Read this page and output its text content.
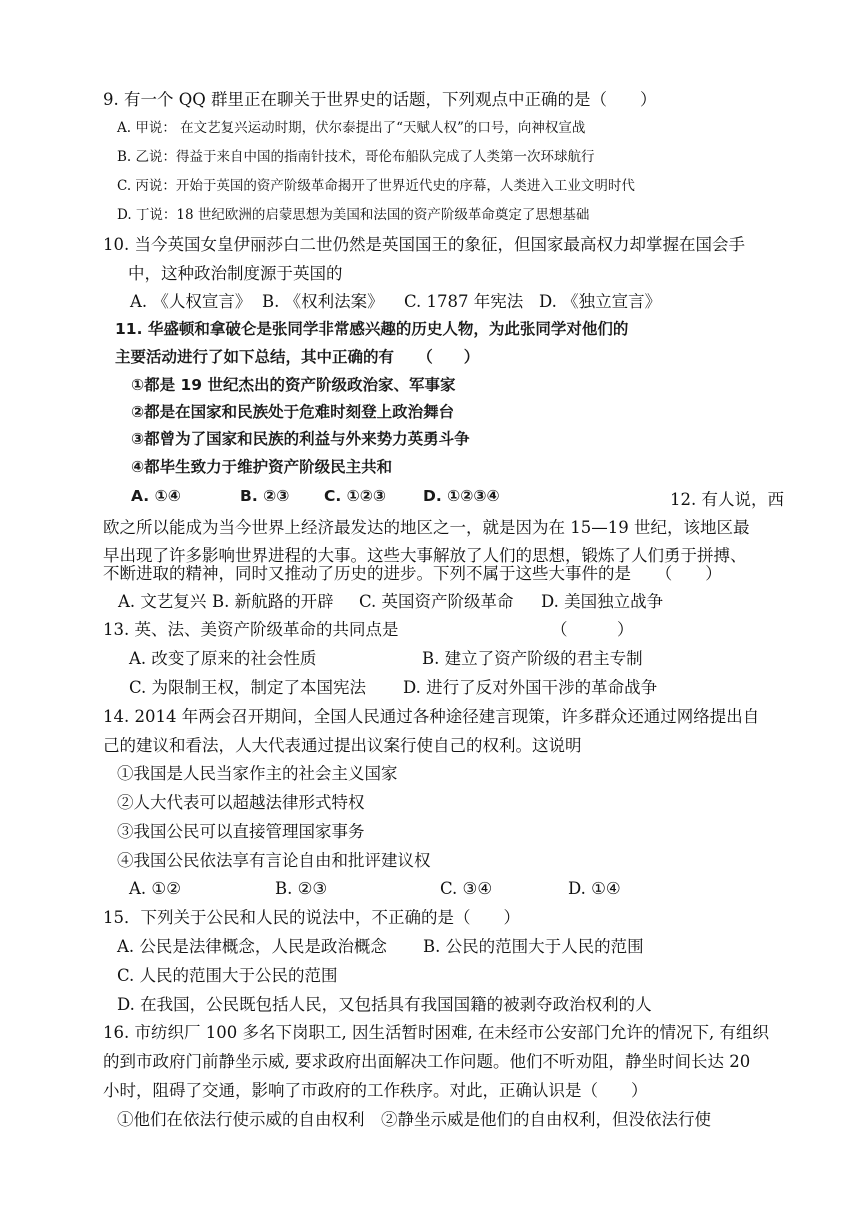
9. 有一个 QQ 群里正在聊关于世界史的话题，下列观点中正确的是（　　）
A. 甲说： 在文艺复兴运动时期，伏尔泰提出了“天赋人权”的口号，向神权宣战
B. 乙说：得益于来自中国的指南针技术，哥伦布船队完成了人类第一次环球航行
C. 丙说：开始于英国的资产阶级革命揭开了世界近代史的序幕，人类进入工业文明时代
D. 丁说：18 世纪欧洲的启蒙思想为美国和法国的资产阶级革命奠定了思想基础
10. 当今英国女皇伊丽莎白二世仍然是英国国王的象征，但国家最高权力却掌握在国会手
中，这种政治制度源于英国的
A. 《人权宣言》 B. 《权利法案》 C. 1787 年宪法 D. 《独立宣言》
11. 华盛顿和拿破仑是张同学非常感兴趣的历史人物，为此张同学对他们的
主要活动进行了如下总结，其中正确的有　　（　　）
①都是 19 世纪杰出的资产阶级政治家、军事家
②都是在国家和民族处于危难时刻登上政治舞台
③都曾为了国家和民族的利益与外来势力英勇斗争
④都毕生致力于维护资产阶级民主共和
A. ①④	B. ②③ C. ①②③ D. ①②③④	12. 有人说，西
欧之所以能成为当今世界上经济最发达的地区之一，就是因为在 15—19 世纪，该地区最
早出现了许多影响世界进程的大事。这些大事解放了人们的思想，锻炼了人们勇于拼搏、
不断进取的精神，同时又推动了历史的进步。下列不属于这些大事件的是　　（　　）
A. 文艺复兴 B. 新航路的开辟 C. 英国资产阶级革命 D. 美国独立战争
13. 英、法、美资产阶级革命的共同点是	（　　　）
A. 改变了原来的社会性质	B. 建立了资产阶级的君主专制
C. 为限制王权，制定了本国宪法 D. 进行了反对外国干涉的革命战争
14. 2014 年两会召开期间，全国人民通过各种途径建言现策，许多群众还通过网络提出自
己的建议和看法，人大代表通过提出议案行使自己的权利。这说明
①我国是人民当家作主的社会主义国家
②人大代表可以超越法律形式特权
③我国公民可以直接管理国家事务
④我国公民依法享有言论自由和批评建议权
A. ①②	B. ②③	C. ③④	D. ①④
15．下列关于公民和人民的说法中，不正确的是（　　）
A. 公民是法律概念，人民是政治概念 B. 公民的范围大于人民的范围
C. 人民的范围大于公民的范围
D. 在我国，公民既包括人民，又包括具有我国国籍的被剥夺政治权利的人
16. 市纺织厂 100 多名下岗职工, 因生活暂时困难, 在未经市公安部门允许的情况下, 有组织
的到市政府门前静坐示威, 要求政府出面解决工作问题。他们不听劝阻，静坐时间长达 20
小时，阻碍了交通，影响了市政府的工作秩序。对此，正确认识是（　　）
①他们在依法行使示威的自由权利　②静坐示威是他们的自由权利，但没依法行使
